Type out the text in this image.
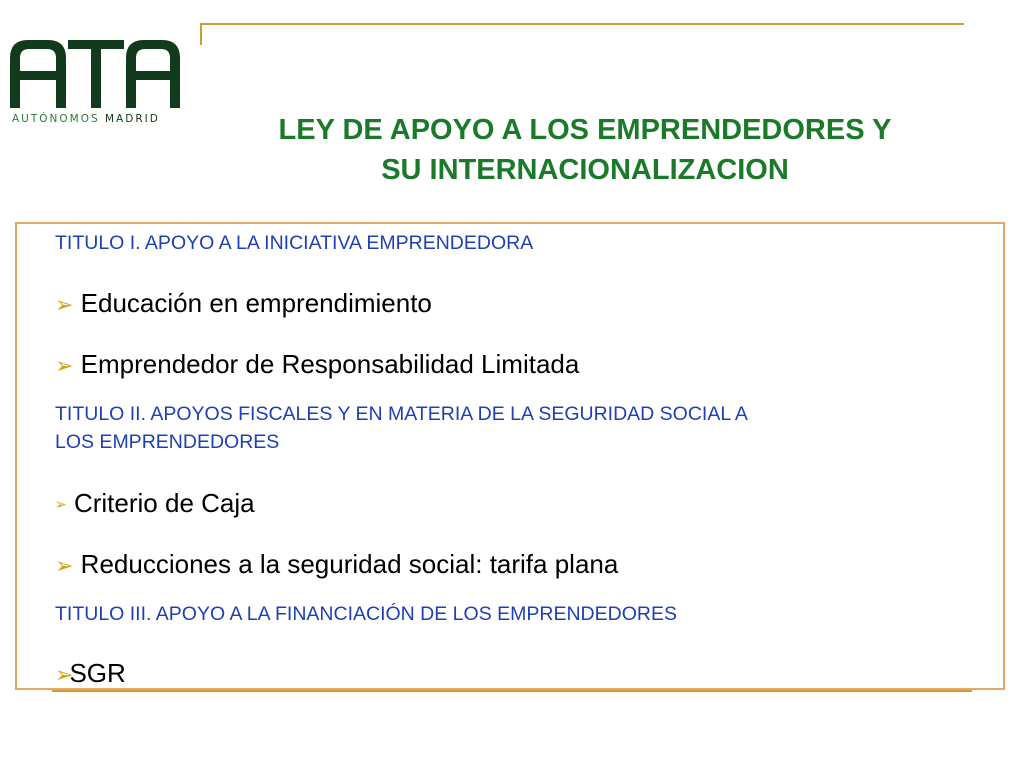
AUTÓNOMOS MADRID	LEY DE APOYO A LOS EMPRENDEDORES Y
SU INTERNACIONALIZACION
TITULO I. APOYO A LA INICIATIVA EMPRENDEDORA
➢ Educación en emprendimiento
➢ Emprendedor de Responsabilidad Limitada
TITULO II. APOYOS FISCALES Y EN MATERIA DE LA SEGURIDAD SOCIAL A
LOS EMPRENDEDORES
➢ Criterio de Caja
➢ Reducciones a la seguridad social: tarifa plana
TITULO III. APOYO A LA FINANCIACIÓN DE LOS EMPRENDEDORES
➢SGR
